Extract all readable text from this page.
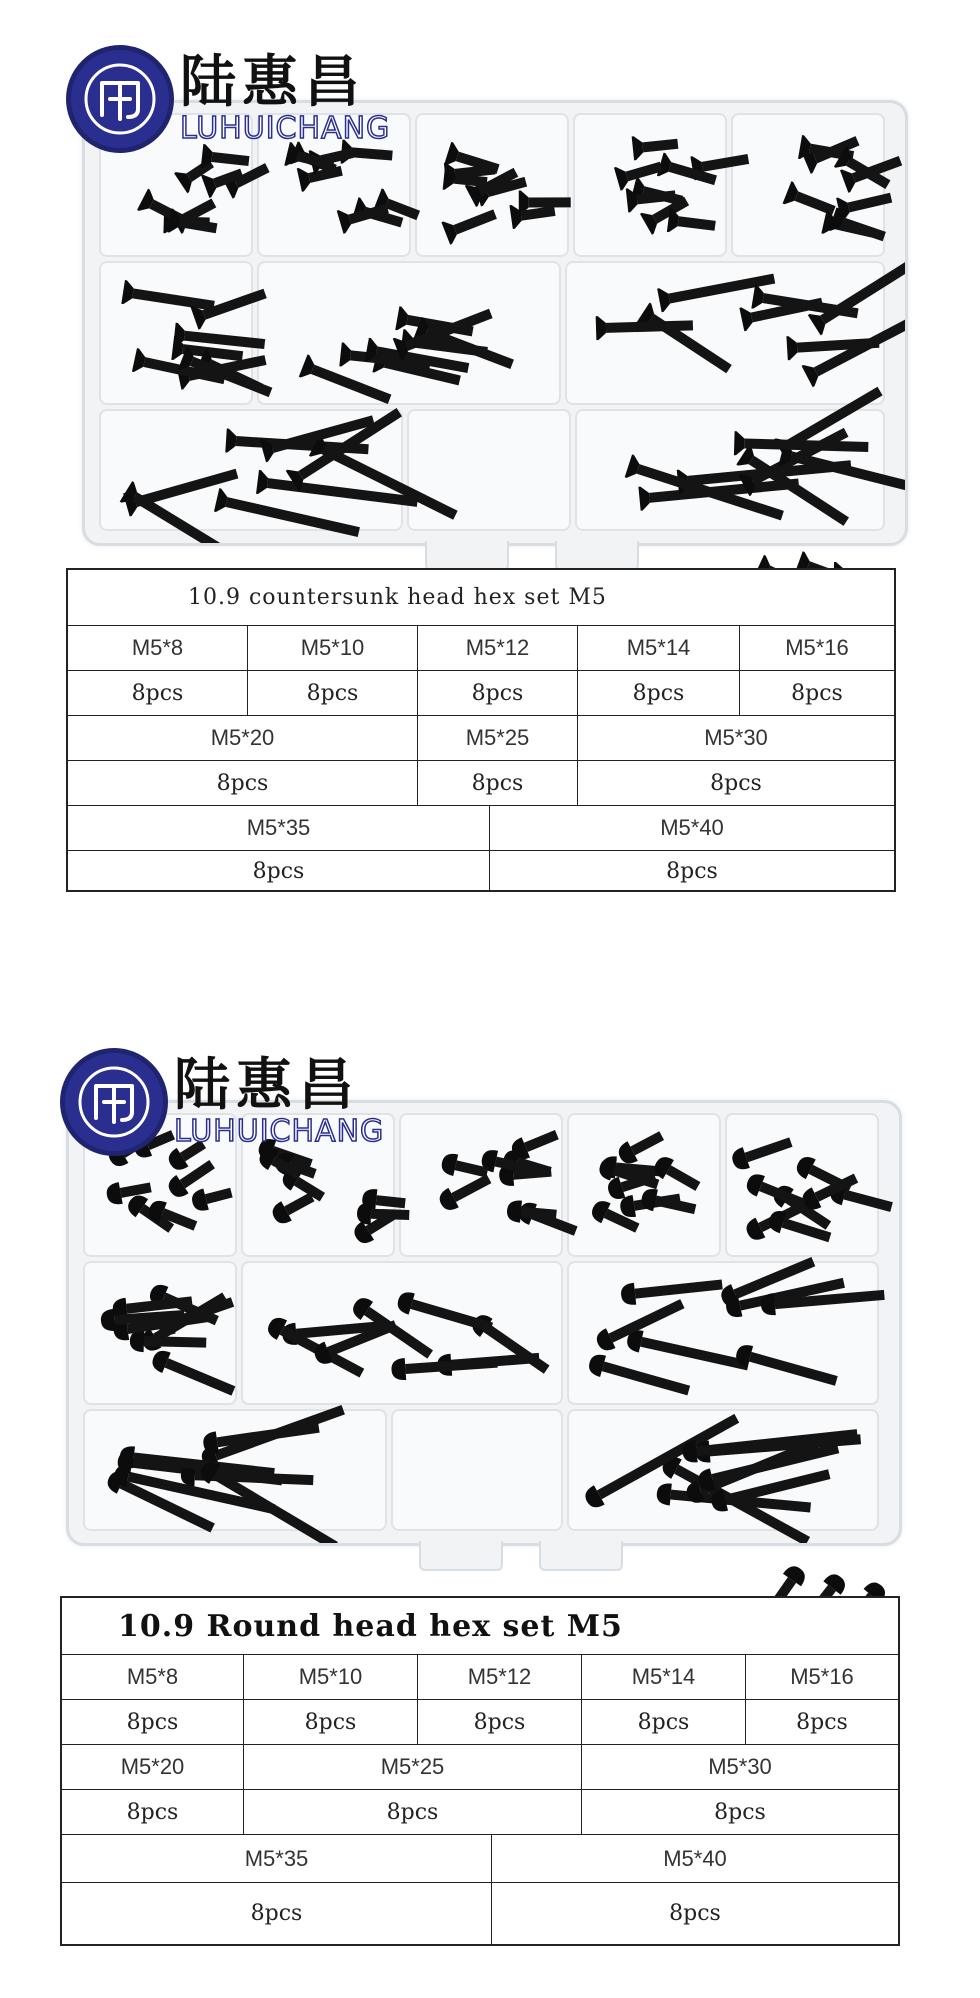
陆惠昌
LUHUICHANG
10.9 countersunk head hex set M5
M5*8	M5*10	M5*12	M5*14	M5*16
8pcs	8pcs	8pcs	8pcs	8pcs
M5*20	M5*25	M5*30
8pcs	8pcs	8pcs
M5*35	M5*40
8pcs	8pcs
陆惠昌
LUHUICHANG
10.9 Round head hex set M5
M5*8	M5*10	M5*12	M5*14	M5*16
8pcs	8pcs	8pcs	8pcs	8pcs
M5*20	M5*25	M5*30
8pcs	8pcs	8pcs
M5*35	M5*40
8pcs	8pcs
